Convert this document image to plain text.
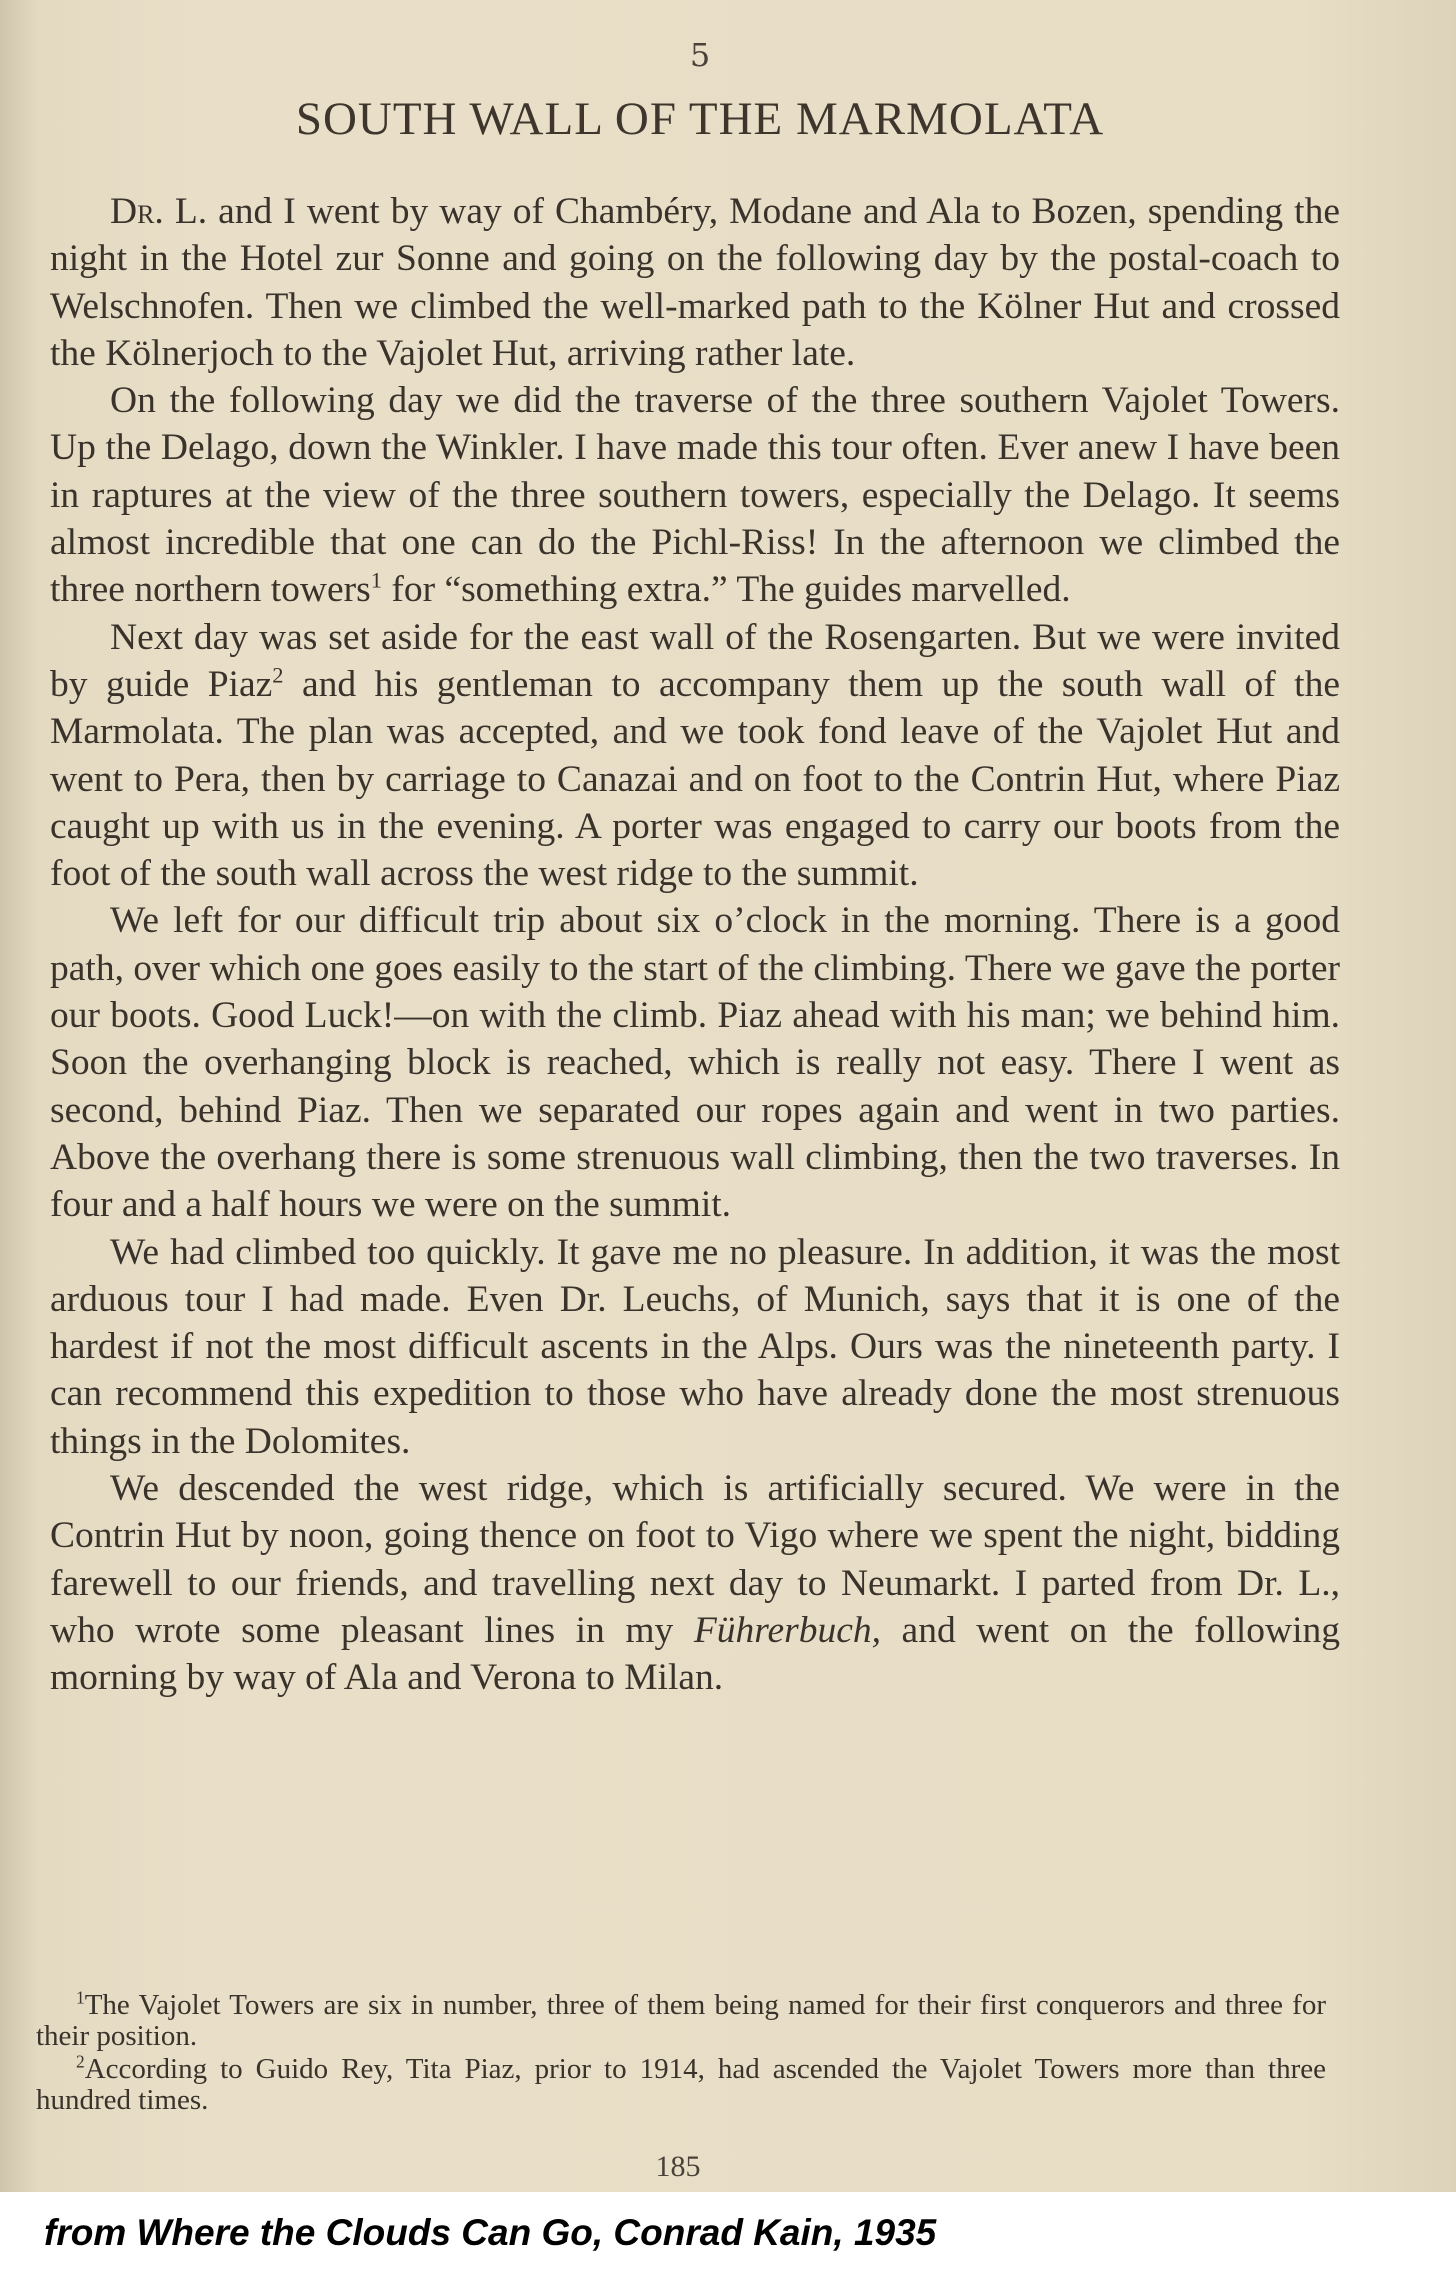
5
SOUTH WALL OF THE MARMOLATA

Dr. L. and I went by way of Chambéry, Modane and Ala to Bozen, spending the night in the Hotel zur Sonne and going on the following day by the postal-coach to Welschnofen. Then we climbed the well-marked path to the Kölner Hut and crossed the Kölnerjoch to the Vajolet Hut, arriving rather late.

On the following day we did the traverse of the three southern Vajolet Towers. Up the Delago, down the Winkler. I have made this tour often. Ever anew I have been in raptures at the view of the three southern towers, especially the Delago. It seems almost incredible that one can do the Pichl-Riss! In the afternoon we climbed the three northern towers$^1$ for “something extra.” The guides marvelled.

Next day was set aside for the east wall of the Rosengarten. But we were invited by guide Piaz$^2$ and his gentleman to accompany them up the south wall of the Marmolata. The plan was accepted, and we took fond leave of the Vajolet Hut and went to Pera, then by carriage to Canazai and on foot to the Contrin Hut, where Piaz caught up with us in the evening. A porter was engaged to carry our boots from the foot of the south wall across the west ridge to the summit.

We left for our difficult trip about six o’clock in the morning. There is a good path, over which one goes easily to the start of the climbing. There we gave the porter our boots. Good Luck!—on with the climb. Piaz ahead with his man; we behind him. Soon the overhanging block is reached, which is really not easy. There I went as second, behind Piaz. Then we separated our ropes again and went in two parties. Above the overhang there is some strenuous wall climbing, then the two traverses. In four and a half hours we were on the summit.

We had climbed too quickly. It gave me no pleasure. In addition, it was the most arduous tour I had made. Even Dr. Leuchs, of Munich, says that it is one of the hardest if not the most difficult ascents in the Alps. Ours was the nineteenth party. I can recommend this expedition to those who have already done the most strenuous things in the Dolomites.

We descended the west ridge, which is artificially secured. We were in the Contrin Hut by noon, going thence on foot to Vigo where we spent the night, bidding farewell to our friends, and travelling next day to Neumarkt. I parted from Dr. L., who wrote some pleasant lines in my Führerbuch, and went on the following morning by way of Ala and Verona to Milan.

$^1$The Vajolet Towers are six in number, three of them being named for their first conquerors and three for their position.

$^2$According to Guido Rey, Tita Piaz, prior to 1914, had ascended the Vajolet Towers more than three hundred times.

185
from Where the Clouds Can Go, Conrad Kain, 1935
